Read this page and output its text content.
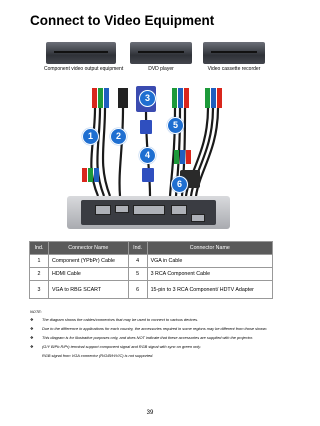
Connect to Video Equipment
Component video output equipment	DVD player	Video cassette recorder
1	2
3
4
5
6
Ind.	Connector Name	Ind.	Connector Name
1	Component (YPbPr) Cable	4	VGA in Cable
2	HDMI Cable	5	3 RCA Component Cable
3	VGA to RBG SCART	6	15-pin to 3 RCA Component/ HDTV Adapter
NOTE:
❖ The diagram shows the cables/connectors that may be used to connect to various devices.
❖ Due to the difference in applications for each country, the accessories required in some regions may be different from those shown.
❖ This diagram is for illustrative purposes only, and does NOT indicate that these accessories are supplied with the projector.
❖ (G/Y B/Pb R/Pr) terminal support component signal and RGB signal with sync on green only.
RGB signal from VGA connector (R/G/B/H/V/C) is not supported.
39
